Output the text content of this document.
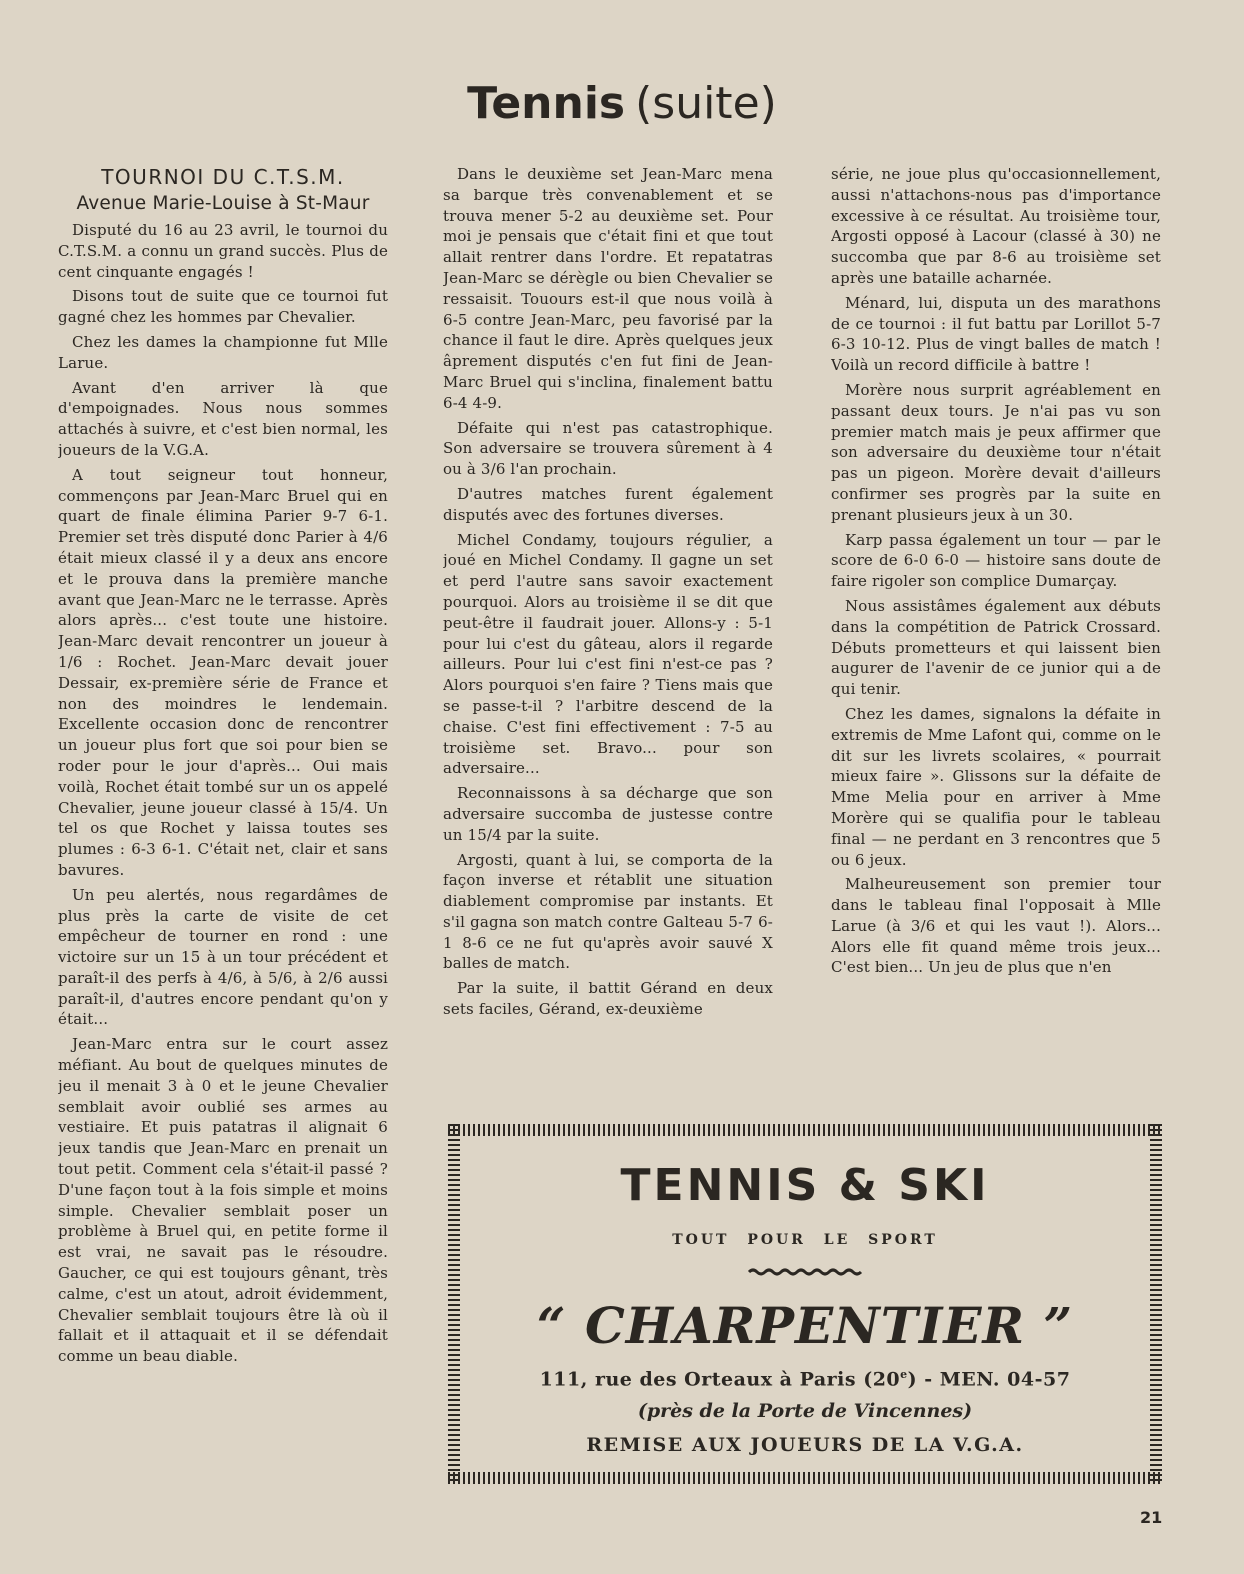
Tennis (suite)
TOURNOI DU C.T.S.M.
Avenue Marie-Louise à St-Maur

Disputé du 16 au 23 avril, le tournoi du C.T.S.M. a connu un grand succès. Plus de cent cinquante engagés !

Disons tout de suite que ce tournoi fut gagné chez les hommes par Chevalier.

Chez les dames la championne fut Mlle Larue.

Avant d'en arriver là que d'empoignades. Nous nous sommes attachés à suivre, et c'est bien normal, les joueurs de la V.G.A.

A tout seigneur tout honneur, commençons par Jean-Marc Bruel qui en quart de finale élimina Parier 9-7 6-1. Premier set très disputé donc Parier à 4/6 était mieux classé il y a deux ans encore et le prouva dans la première manche avant que Jean-Marc ne le terrasse. Après alors après... c'est toute une histoire. Jean-Marc devait rencontrer un joueur à 1/6 : Rochet. Jean-Marc devait jouer Dessair, ex-première série de France et non des moindres le lendemain. Excellente occasion donc de rencontrer un joueur plus fort que soi pour bien se roder pour le jour d'après... Oui mais voilà, Rochet était tombé sur un os appelé Chevalier, jeune joueur classé à 15/4. Un tel os que Rochet y laissa toutes ses plumes : 6-3 6-1. C'était net, clair et sans bavures.

Un peu alertés, nous regardâmes de plus près la carte de visite de cet empêcheur de tourner en rond : une victoire sur un 15 à un tour précédent et paraît-il des perfs à 4/6, à 5/6, à 2/6 aussi paraît-il, d'autres encore pendant qu'on y était...

Jean-Marc entra sur le court assez méfiant. Au bout de quelques minutes de jeu il menait 3 à 0 et le jeune Chevalier semblait avoir oublié ses armes au vestiaire. Et puis patatras il alignait 6 jeux tandis que Jean-Marc en prenait un tout petit. Comment cela s'était-il passé ? D'une façon tout à la fois simple et moins simple. Chevalier semblait poser un problème à Bruel qui, en petite forme il est vrai, ne savait pas le résoudre. Gaucher, ce qui est toujours gênant, très calme, c'est un atout, adroit évidemment, Chevalier semblait toujours être là où il fallait et il attaquait et il se défendait comme un beau diable.

Dans le deuxième set Jean-Marc mena sa barque très convenablement et se trouva mener 5-2 au deuxième set. Pour moi je pensais que c'était fini et que tout allait rentrer dans l'ordre. Et repatatras Jean-Marc se dérègle ou bien Chevalier se ressaisit. Touours est-il que nous voilà à 6-5 contre Jean-Marc, peu favorisé par la chance il faut le dire. Après quelques jeux âprement disputés c'en fut fini de Jean-Marc Bruel qui s'inclina, finalement battu 6-4 4-9.

Défaite qui n'est pas catastrophique. Son adversaire se trouvera sûrement à 4 ou à 3/6 l'an prochain.

D'autres matches furent également disputés avec des fortunes diverses.

Michel Condamy, toujours régulier, a joué en Michel Condamy. Il gagne un set et perd l'autre sans savoir exactement pourquoi. Alors au troisième il se dit que peut-être il faudrait jouer. Allons-y : 5-1 pour lui c'est du gâteau, alors il regarde ailleurs. Pour lui c'est fini n'est-ce pas ? Alors pourquoi s'en faire ? Tiens mais que se passe-t-il ? l'arbitre descend de la chaise. C'est fini effectivement : 7-5 au troisième set. Bravo... pour son adversaire...

Reconnaissons à sa décharge que son adversaire succomba de justesse contre un 15/4 par la suite.

Argosti, quant à lui, se comporta de la façon inverse et rétablit une situation diablement compromise par instants. Et s'il gagna son match contre Galteau 5-7 6-1 8-6 ce ne fut qu'après avoir sauvé X balles de match.

Par la suite, il battit Gérand en deux sets faciles, Gérand, ex-deuxième

série, ne joue plus qu'occasionnellement, aussi n'attachons-nous pas d'importance excessive à ce résultat. Au troisième tour, Argosti opposé à Lacour (classé à 30) ne succomba que par 8-6 au troisième set après une bataille acharnée.

Ménard, lui, disputa un des marathons de ce tournoi : il fut battu par Lorillot 5-7 6-3 10-12. Plus de vingt balles de match ! Voilà un record difficile à battre !

Morère nous surprit agréablement en passant deux tours. Je n'ai pas vu son premier match mais je peux affirmer que son adversaire du deuxième tour n'était pas un pigeon. Morère devait d'ailleurs confirmer ses progrès par la suite en prenant plusieurs jeux à un 30.

Karp passa également un tour — par le score de 6-0 6-0 — histoire sans doute de faire rigoler son complice Dumarçay.

Nous assistâmes également aux débuts dans la compétition de Patrick Crossard. Débuts prometteurs et qui laissent bien augurer de l'avenir de ce junior qui a de qui tenir.

Chez les dames, signalons la défaite in extremis de Mme Lafont qui, comme on le dit sur les livrets scolaires, « pourrait mieux faire ». Glissons sur la défaite de Mme Melia pour en arriver à Mme Morère qui se qualifia pour le tableau final — ne perdant en 3 rencontres que 5 ou 6 jeux.

Malheureusement son premier tour dans le tableau final l'opposait à Mlle Larue (à 3/6 et qui les vaut !). Alors... Alors elle fit quand même trois jeux... C'est bien... Un jeu de plus que n'en

TENNIS & SKI
TOUT POUR LE SPORT
“ CHARPENTIER ”
111, rue des Orteaux à Paris (20e) - MEN. 04-57
(près de la Porte de Vincennes)
REMISE AUX JOUEURS DE LA V.G.A.
21
